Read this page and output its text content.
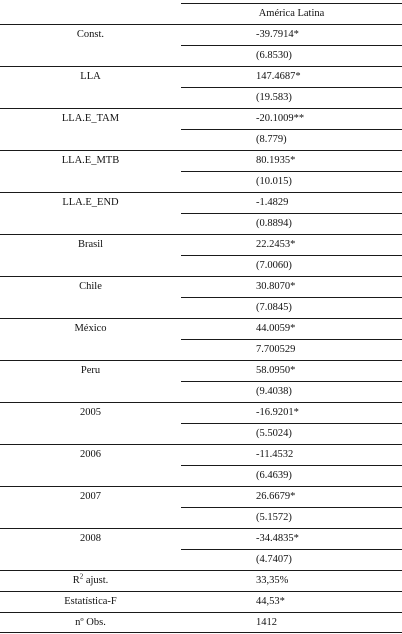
América Latina
Const.	-39.7914*
(6.8530)
LLA	147.4687*
(19.583)
LLA.E_TAM	-20.1009**
(8.779)
LLA.E_MTB	80.1935*
(10.015)
LLA.E_END	-1.4829
(0.8894)
Brasil	22.2453*
(7.0060)
Chile	30.8070*
(7.0845)
México	44.0059*
7.700529
Peru	58.0950*
(9.4038)
2005	-16.9201*
(5.5024)
2006	-11.4532
(6.4639)
2007	26.6679*
(5.1572)
2008	-34.4835*
(4.7407)
$R^2$ ajust.	33,35%
Estatística-F	44,53*
nº Obs.	1412
